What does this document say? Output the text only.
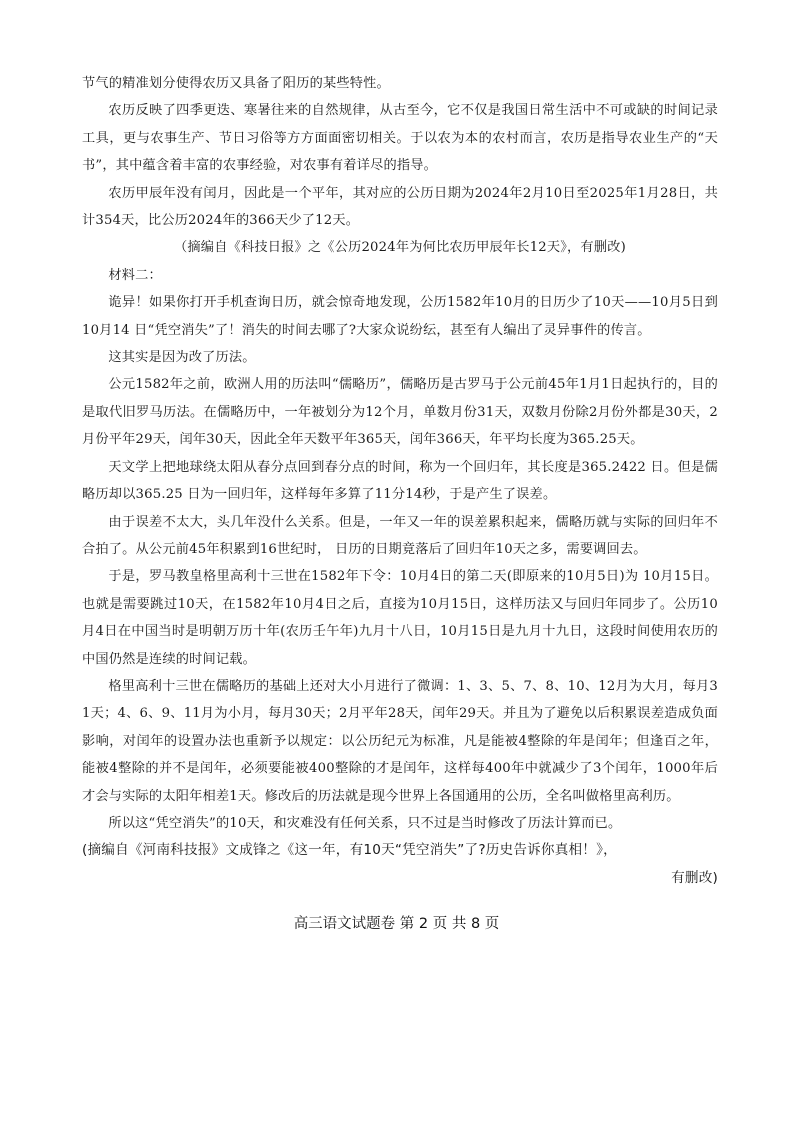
节气的精准划分使得农历又具备了阳历的某些特性。

农历反映了四季更迭、寒暑往来的自然规律，从古至今，它不仅是我国日常生活中不可或缺的时间记录工具，更与农事生产、节日习俗等方方面面密切相关。于以农为本的农村而言，农历是指导农业生产的“天书”，其中蕴含着丰富的农事经验，对农事有着详尽的指导。

农历甲辰年没有闰月，因此是一个平年，其对应的公历日期为2024年2月10日至2025年1月28日，共计354天，比公历2024年的366天少了12天。

（摘编自《科技日报》之《公历2024年为何比农历甲辰年长12天》，有删改)

材料二：

诡异！如果你打开手机查询日历，就会惊奇地发现，公历1582年10月的日历少了10天——10月5日到10月14 日“凭空消失”了！消失的时间去哪了?大家众说纷纭，甚至有人编出了灵异事件的传言。

这其实是因为改了历法。

公元1582年之前，欧洲人用的历法叫“儒略历”，儒略历是古罗马于公元前45年1月1日起执行的，目的是取代旧罗马历法。在儒略历中，一年被划分为12个月，单数月份31天，双数月份除2月份外都是30天，2月份平年29天，闰年30天，因此全年天数平年365天，闰年366天，年平均长度为365.25天。

天文学上把地球绕太阳从春分点回到春分点的时间，称为一个回归年，其长度是365.2422 日。但是儒略历却以365.25 日为一回归年，这样每年多算了11分14秒，于是产生了误差。

由于误差不太大，头几年没什么关系。但是，一年又一年的误差累积起来，儒略历就与实际的回归年不合拍了。从公元前45年积累到16世纪时， 日历的日期竟落后了回归年10天之多，需要调回去。

于是，罗马教皇格里高利十三世在1582年下令：10月4日的第二天(即原来的10月5日)为 10月15日。也就是需要跳过10天，在1582年10月4日之后，直接为10月15日，这样历法又与回归年同步了。公历10月4日在中国当时是明朝万历十年(农历壬午年)九月十八日，10月15日是九月十九日，这段时间使用农历的中国仍然是连续的时间记载。

格里高利十三世在儒略历的基础上还对大小月进行了微调：1、3、5、7、8、10、12月为大月，每月31天；4、6、9、11月为小月，每月30天；2月平年28天，闰年29天。并且为了避免以后积累误差造成负面影响，对闰年的设置办法也重新予以规定：以公历纪元为标准，凡是能被4整除的年是闰年；但逢百之年，能被4整除的并不是闰年，必须要能被400整除的才是闰年，这样每400年中就减少了3个闰年，1000年后才会与实际的太阳年相差1天。修改后的历法就是现今世界上各国通用的公历，全名叫做格里高利历。

所以这“凭空消失”的10天，和灾难没有任何关系，只不过是当时修改了历法计算而已。

(摘编自《河南科技报》文成锋之《这一年，有10天“凭空消失”了?历史告诉你真相！》，

有删改)

高三语文试题卷 第 2 页 共 8 页
